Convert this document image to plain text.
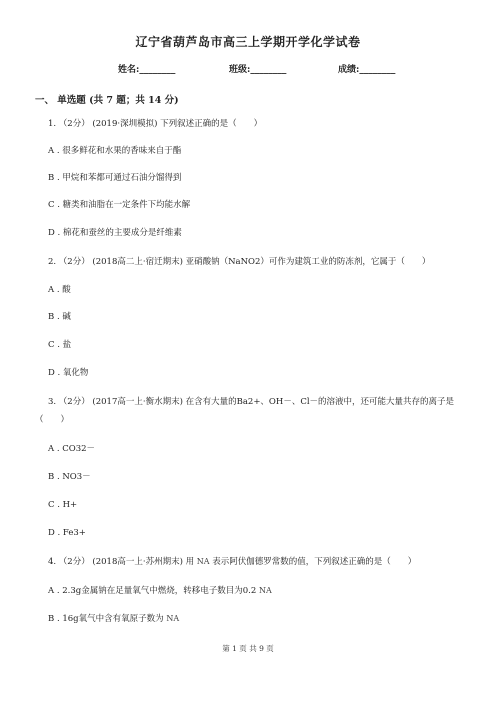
辽宁省葫芦岛市高三上学期开学化学试卷
姓名:________	班级:________	成绩:________
一、 单选题 (共 7 题；共 14 分)
1. （2分） (2019·深圳模拟) 下列叙述正确的是（　　）
A . 很多鲜花和水果的香味来自于酯
B . 甲烷和苯都可通过石油分馏得到
C . 糖类和油脂在一定条件下均能水解
D . 棉花和蚕丝的主要成分是纤维素
2. （2分） (2018高二上·宿迁期末) 亚硝酸钠（NaNO2）可作为建筑工业的防冻剂，它属于（　　）
A . 酸
B . 碱
C . 盐
D . 氧化物
3. （2分） (2017高一上·衡水期末) 在含有大量的Ba2+、OH－、Cl－的溶液中，还可能大量共存的离子是
（　　）
A . CO32－
B . NO3－
C . H+
D . Fe3+
4. （2分） (2018高一上·苏州期末) 用 NA 表示阿伏伽德罗常数的值，下列叙述正确的是（　　）
A . 2.3g金属钠在足量氧气中燃烧，转移电子数目为0.2 NA
B . 16g氧气中含有氧原子数为 NA
第 1 页 共 9 页
